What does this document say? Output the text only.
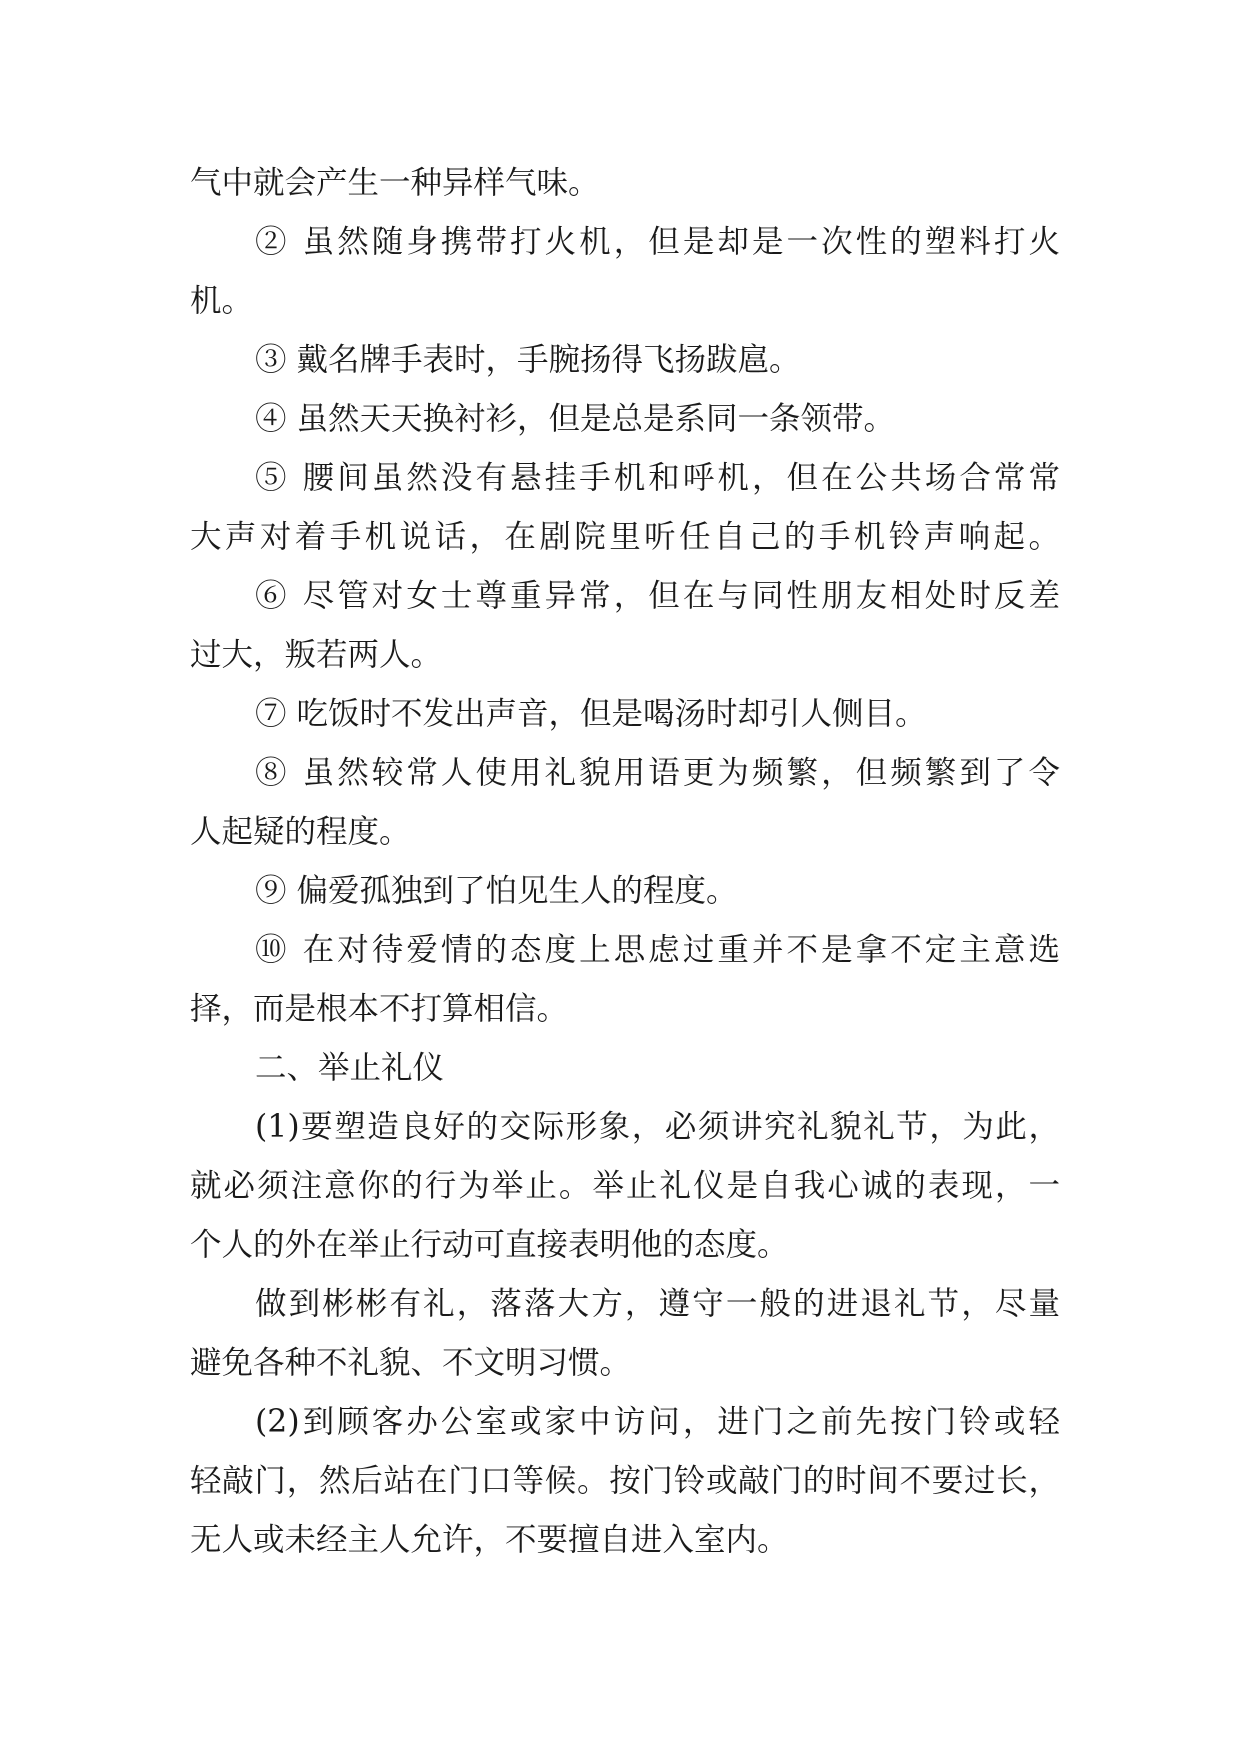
气中就会产生一种异样气味。
② 虽然随身携带打火机，但是却是一次性的塑料打火
机。
③ 戴名牌手表时，手腕扬得飞扬跋扈。
④ 虽然天天换衬衫，但是总是系同一条领带。
⑤ 腰间虽然没有悬挂手机和呼机，但在公共场合常常
大声对着手机说话，在剧院里听任自己的手机铃声响起。
⑥ 尽管对女士尊重异常，但在与同性朋友相处时反差
过大，叛若两人。
⑦ 吃饭时不发出声音，但是喝汤时却引人侧目。
⑧ 虽然较常人使用礼貌用语更为频繁，但频繁到了令
人起疑的程度。
⑨ 偏爱孤独到了怕见生人的程度。
⑩ 在对待爱情的态度上思虑过重并不是拿不定主意选
择，而是根本不打算相信。
二、举止礼仪
(1)要塑造良好的交际形象，必须讲究礼貌礼节，为此，
就必须注意你的行为举止。举止礼仪是自我心诚的表现，一
个人的外在举止行动可直接表明他的态度。
做到彬彬有礼，落落大方，遵守一般的进退礼节，尽量
避免各种不礼貌、不文明习惯。
(2)到顾客办公室或家中访问，进门之前先按门铃或轻
轻敲门，然后站在门口等候。按门铃或敲门的时间不要过长，
无人或未经主人允许，不要擅自进入室内。
